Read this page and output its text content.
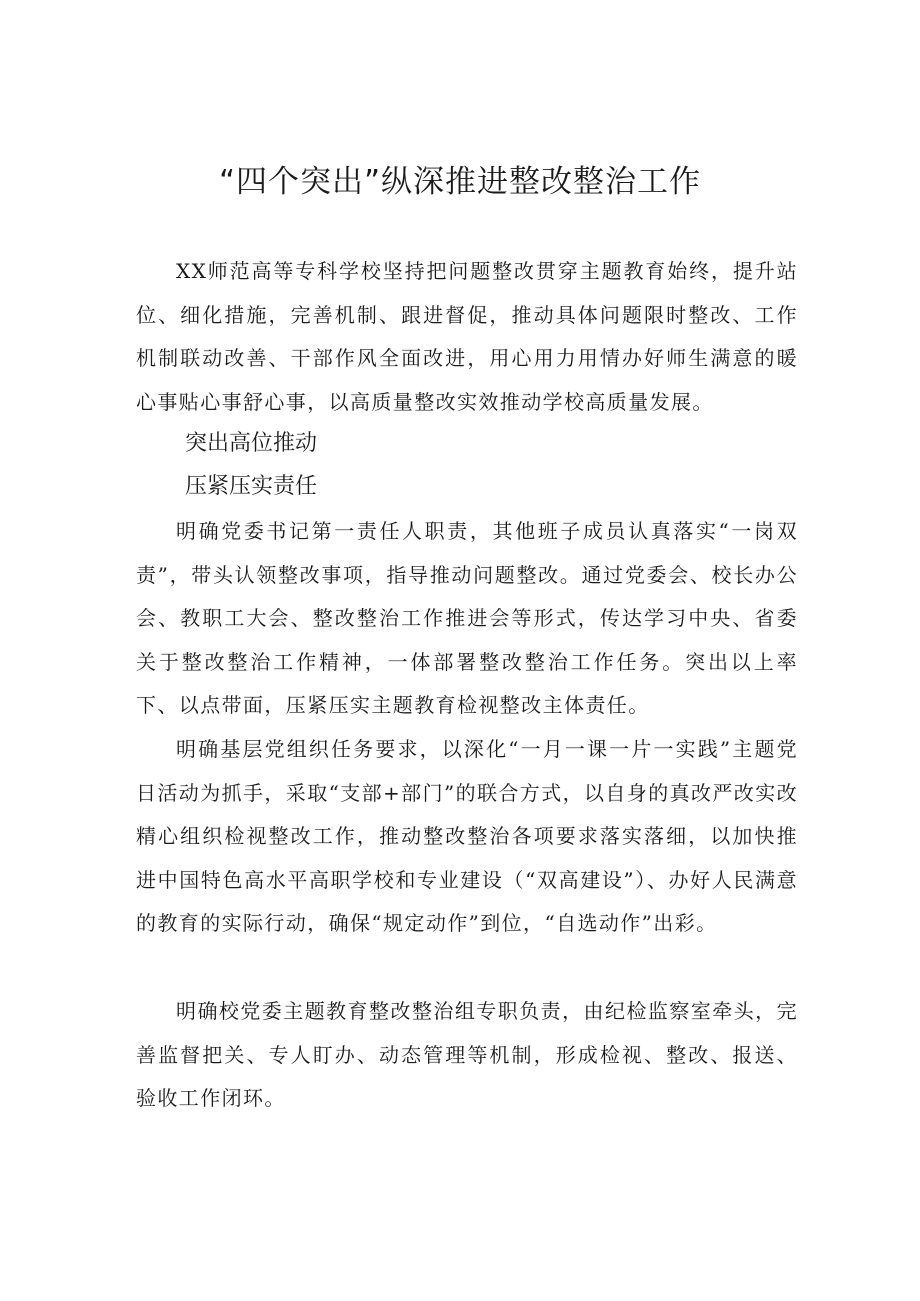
“四个突出”纵深推进整改整治工作

XX师范高等专科学校坚持把问题整改贯穿主题教育始终，提升站位、细化措施，完善机制、跟进督促，推动具体问题限时整改、工作机制联动改善、干部作风全面改进，用心用力用情办好师生满意的暖心事贴心事舒心事，以高质量整改实效推动学校高质量发展。

突出高位推动
压紧压实责任

明确党委书记第一责任人职责，其他班子成员认真落实“一岗双责”，带头认领整改事项，指导推动问题整改。通过党委会、校长办公会、教职工大会、整改整治工作推进会等形式，传达学习中央、省委关于整改整治工作精神，一体部署整改整治工作任务。突出以上率下、以点带面，压紧压实主题教育检视整改主体责任。

明确基层党组织任务要求，以深化“一月一课一片一实践”主题党日活动为抓手，采取“支部+部门”的联合方式，以自身的真改严改实改精心组织检视整改工作，推动整改整治各项要求落实落细，以加快推进中国特色高水平高职学校和专业建设（“双高建设”）、办好人民满意的教育的实际行动，确保“规定动作”到位，“自选动作”出彩。

明确校党委主题教育整改整治组专职负责，由纪检监察室牵头，完善监督把关、专人盯办、动态管理等机制，形成检视、整改、报送、验收工作闭环。
